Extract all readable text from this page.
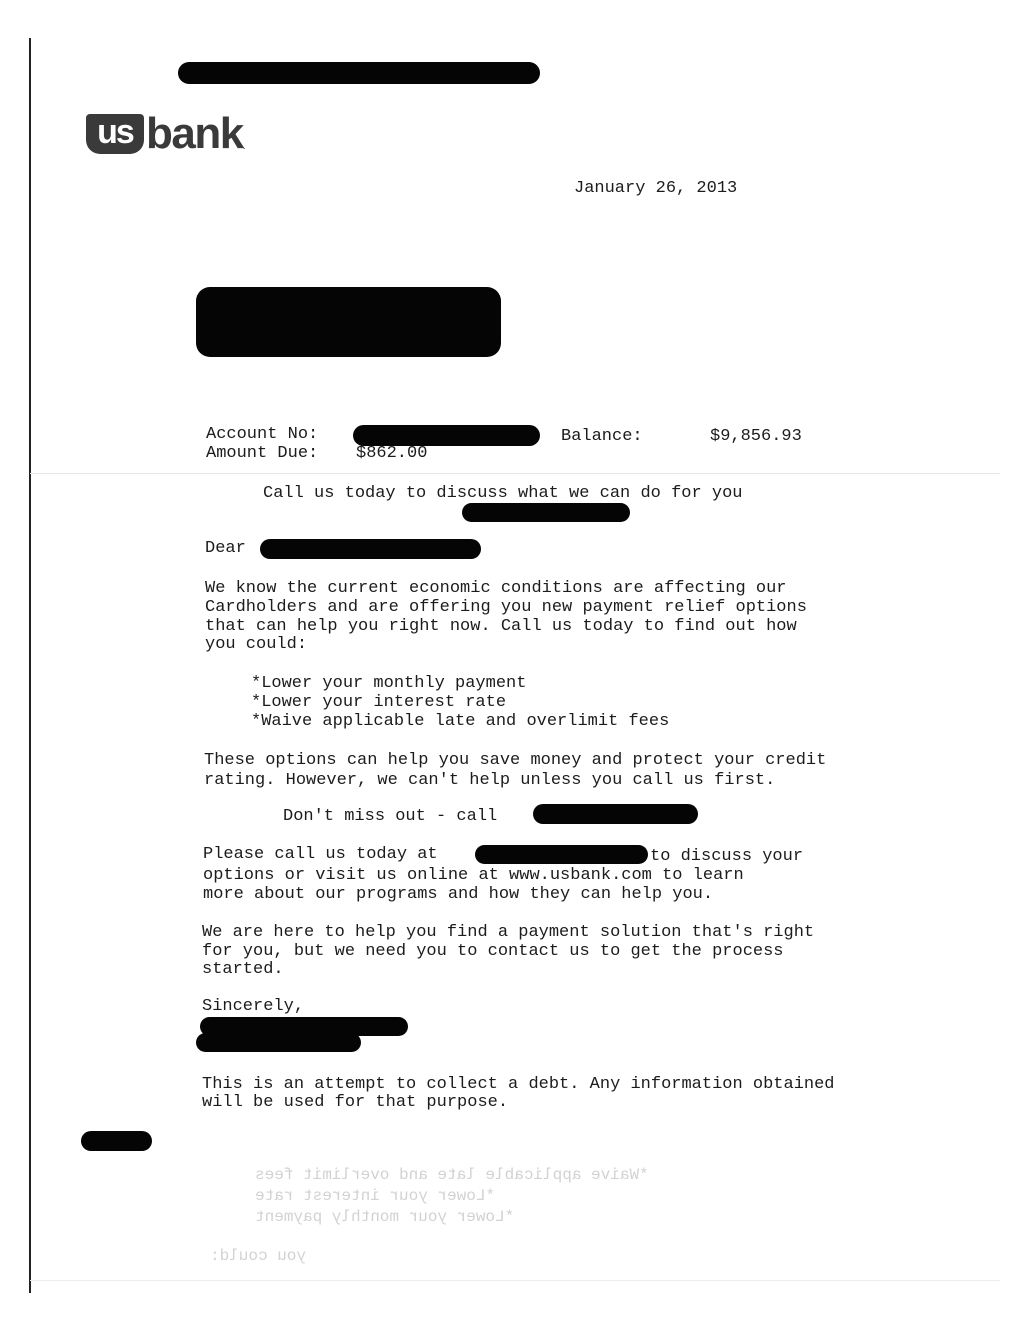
us bank .
January 26, 2013
Account No:	Balance:	$9,856.93
Amount Due: $862.00
Call us today to discuss what we can do for you
Dear
We know the current economic conditions are affecting our
Cardholders and are offering you new payment relief options
that can help you right now. Call us today to find out how
you could:
*Lower your monthly payment
*Lower your interest rate
*Waive applicable late and overlimit fees
These options can help you save money and protect your credit
rating. However, we can't help unless you call us first.
Don't miss out - call
Please call us today at	to discuss your
options or visit us online at www.usbank.com to learn
more about our programs and how they can help you.
We are here to help you find a payment solution that's right
for you, but we need you to contact us to get the process
started.
Sincerely,
This is an attempt to collect a debt. Any information obtained
will be used for that purpose.
*Waive applicable late and overlimit fees
*Lower your interest rate
*Lower your monthly payment
you could:
